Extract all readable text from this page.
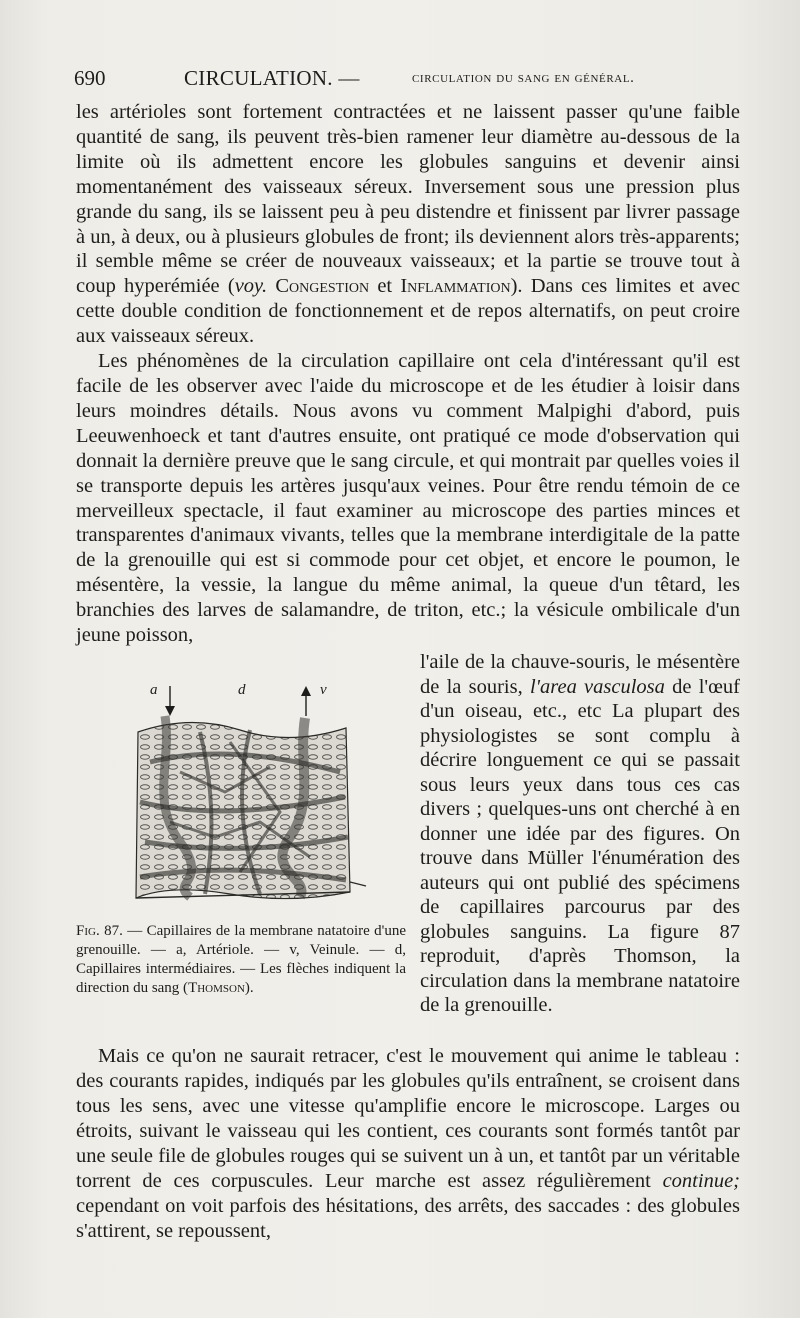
690	CIRCULATION. —	circulation du sang en général.

les artérioles sont fortement contractées et ne laissent passer qu'une faible quantité de sang, ils peuvent très-bien ramener leur diamètre au-dessous de la limite où ils admettent encore les globules sanguins et devenir ainsi momentanément des vaisseaux séreux. Inversement sous une pression plus grande du sang, ils se laissent peu à peu distendre et finissent par livrer passage à un, à deux, ou à plusieurs globules de front; ils deviennent alors très-apparents; il semble même se créer de nouveaux vaisseaux; et la partie se trouve tout à coup hyperémiée (voy. Congestion et Inflammation). Dans ces limites et avec cette double condition de fonctionnement et de repos alternatifs, on peut croire aux vaisseaux séreux.

Les phénomènes de la circulation capillaire ont cela d'intéressant qu'il est facile de les observer avec l'aide du microscope et de les étudier à loisir dans leurs moindres détails. Nous avons vu comment Malpighi d'abord, puis Leeuwenhoeck et tant d'autres ensuite, ont pratiqué ce mode d'observation qui donnait la dernière preuve que le sang circule, et qui montrait par quelles voies il se transporte depuis les artères jusqu'aux veines. Pour être rendu témoin de ce merveilleux spectacle, il faut examiner au microscope des parties minces et transparentes d'animaux vivants, telles que la membrane interdigitale de la patte de la grenouille qui est si commode pour cet objet, et encore le poumon, le mésentère, la vessie, la langue du même animal, la queue d'un têtard, les branchies des larves de salamandre, de triton, etc.; la vésicule ombilicale d'un jeune poisson,

a	d	v

Fig. 87. — Capillaires de la membrane natatoire d'une grenouille. — a, Artériole. — v, Veinule. — d, Capillaires intermédiaires. — Les flèches indiquent la direction du sang (Thomson).

l'aile de la chauve-souris, le mésentère de la souris, l'area vasculosa de l'œuf d'un oiseau, etc., etc La plupart des physiologistes se sont complu à décrire longuement ce qui se passait sous leurs yeux dans tous ces cas divers ; quelques-uns ont cherché à en donner une idée par des figures. On trouve dans Müller l'énumération des auteurs qui ont publié des spécimens de capillaires parcourus par des globules sanguins. La figure 87 reproduit, d'après Thomson, la circulation dans la membrane natatoire de la grenouille.

Mais ce qu'on ne saurait retracer, c'est le mouvement qui anime le tableau : des courants rapides, indiqués par les globules qu'ils entraînent, se croisent dans tous les sens, avec une vitesse qu'amplifie encore le microscope. Larges ou étroits, suivant le vaisseau qui les contient, ces courants sont formés tantôt par une seule file de globules rouges qui se suivent un à un, et tantôt par un véritable torrent de ces corpuscules. Leur marche est assez régulièrement continue; cependant on voit parfois des hésitations, des arrêts, des saccades : des globules s'attirent, se repoussent,
